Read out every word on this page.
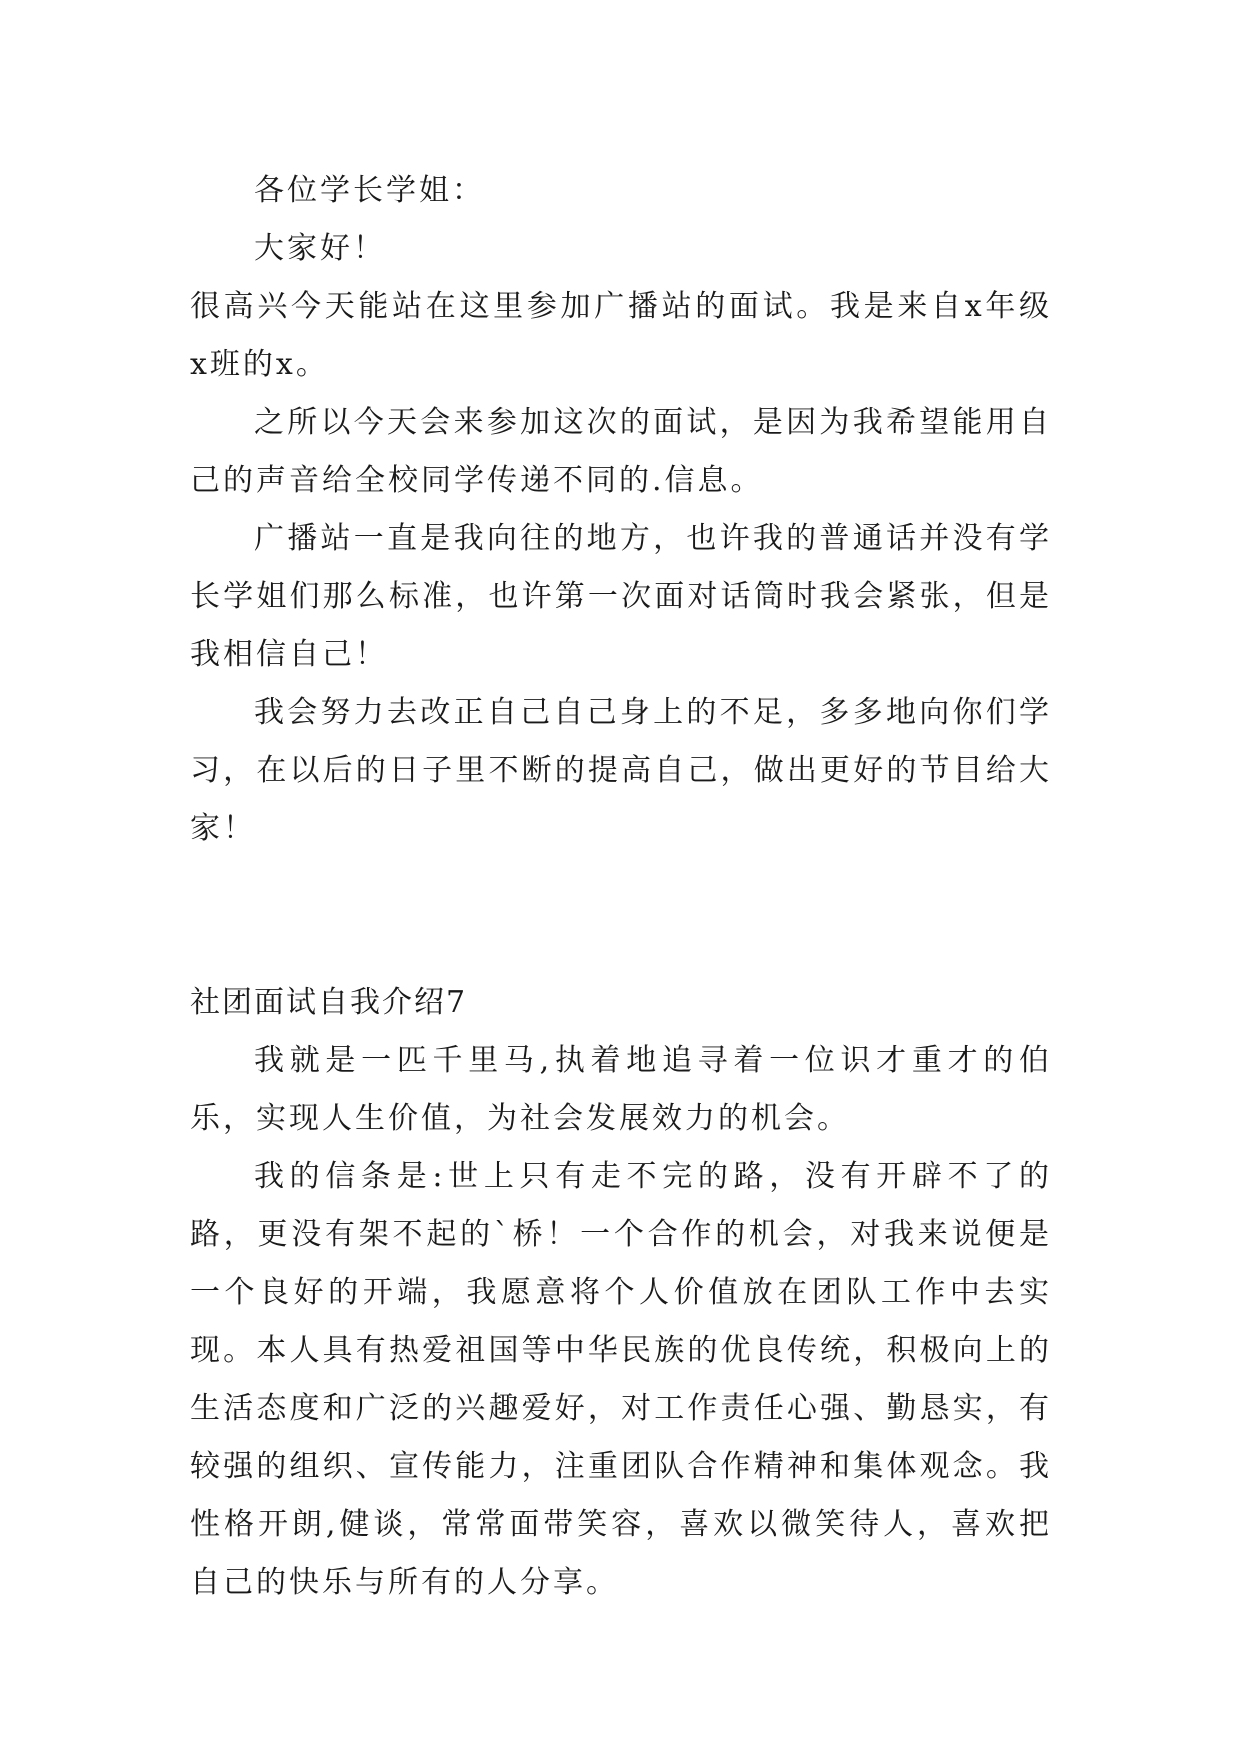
各位学长学姐：

大家好！

很高兴今天能站在这里参加广播站的面试。我是来自x年级x班的x。

之所以今天会来参加这次的面试，是因为我希望能用自己的声音给全校同学传递不同的.信息。

广播站一直是我向往的地方，也许我的普通话并没有学长学姐们那么标准，也许第一次面对话筒时我会紧张，但是我相信自己！

我会努力去改正自己自己身上的不足，多多地向你们学习，在以后的日子里不断的提高自己，做出更好的节目给大家！

社团面试自我介绍7

我就是一匹千里马,执着地追寻着一位识才重才的伯乐，实现人生价值，为社会发展效力的机会。

我的信条是:世上只有走不完的路，没有开辟不了的路，更没有架不起的`桥！一个合作的机会，对我来说便是一个良好的开端，我愿意将个人价值放在团队工作中去实现。本人具有热爱祖国等中华民族的优良传统，积极向上的生活态度和广泛的兴趣爱好，对工作责任心强、勤恳实，有较强的组织、宣传能力，注重团队合作精神和集体观念。我性格开朗,健谈，常常面带笑容，喜欢以微笑待人，喜欢把自己的快乐与所有的人分享。
